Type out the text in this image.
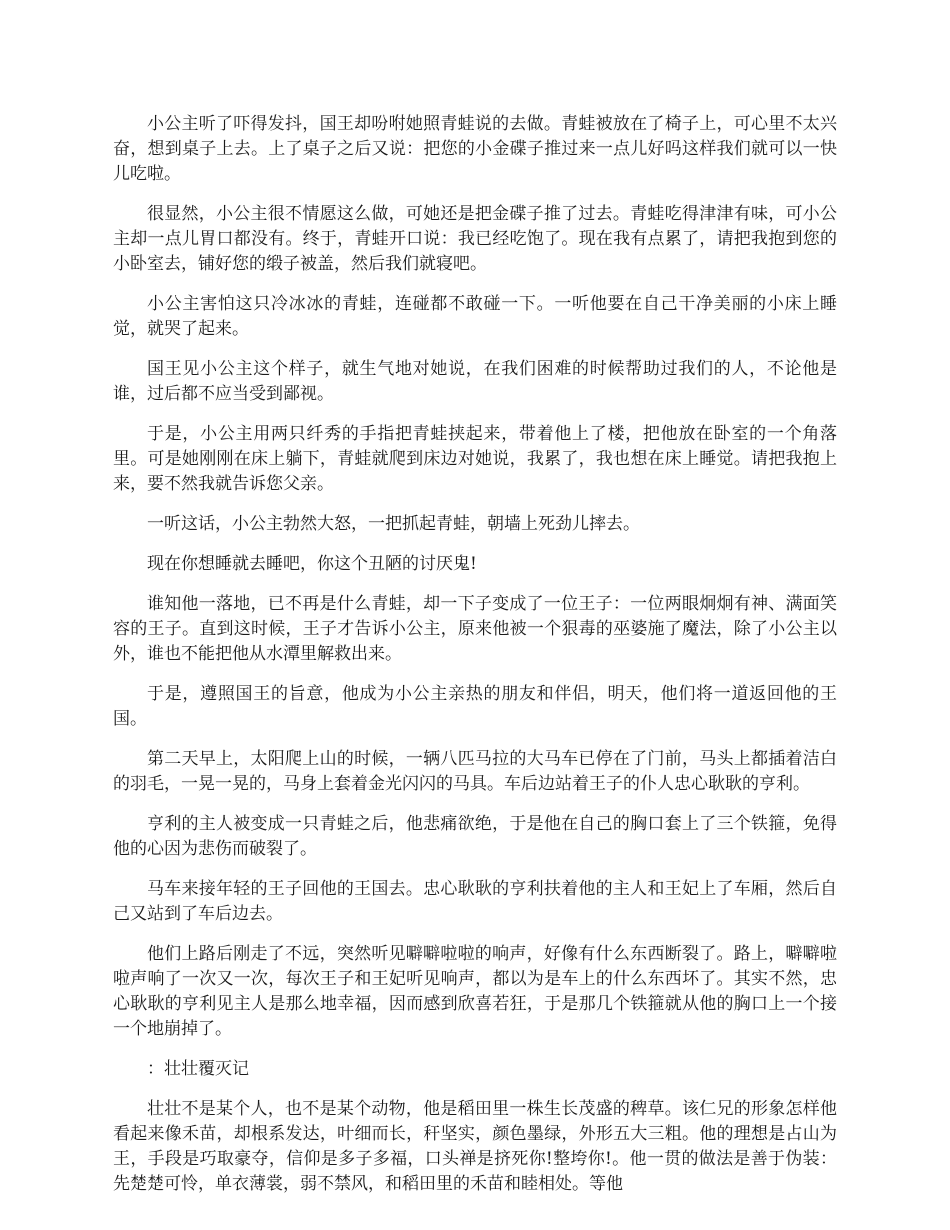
小公主听了吓得发抖，国王却吩咐她照青蛙说的去做。青蛙被放在了椅子上，可心里不太兴奋，想到桌子上去。上了桌子之后又说：把您的小金碟子推过来一点儿好吗这样我们就可以一快儿吃啦。

很显然，小公主很不情愿这么做，可她还是把金碟子推了过去。青蛙吃得津津有味，可小公主却一点儿胃口都没有。终于，青蛙开口说：我已经吃饱了。现在我有点累了，请把我抱到您的小卧室去，铺好您的缎子被盖，然后我们就寝吧。

小公主害怕这只冷冰冰的青蛙，连碰都不敢碰一下。一听他要在自己干净美丽的小床上睡觉，就哭了起来。

国王见小公主这个样子，就生气地对她说，在我们困难的时候帮助过我们的人，不论他是谁，过后都不应当受到鄙视。

于是，小公主用两只纤秀的手指把青蛙挟起来，带着他上了楼，把他放在卧室的一个角落里。可是她刚刚在床上躺下，青蛙就爬到床边对她说，我累了，我也想在床上睡觉。请把我抱上来，要不然我就告诉您父亲。

一听这话，小公主勃然大怒，一把抓起青蛙，朝墙上死劲儿摔去。

现在你想睡就去睡吧，你这个丑陋的讨厌鬼!

谁知他一落地，已不再是什么青蛙，却一下子变成了一位王子：一位两眼炯炯有神、满面笑容的王子。直到这时候，王子才告诉小公主，原来他被一个狠毒的巫婆施了魔法，除了小公主以外，谁也不能把他从水潭里解救出来。

于是，遵照国王的旨意，他成为小公主亲热的朋友和伴侣，明天，他们将一道返回他的王国。

第二天早上，太阳爬上山的时候，一辆八匹马拉的大马车已停在了门前，马头上都插着洁白的羽毛，一晃一晃的，马身上套着金光闪闪的马具。车后边站着王子的仆人忠心耿耿的亨利。

亨利的主人被变成一只青蛙之后，他悲痛欲绝，于是他在自己的胸口套上了三个铁箍，免得他的心因为悲伤而破裂了。

马车来接年轻的王子回他的王国去。忠心耿耿的亨利扶着他的主人和王妃上了车厢，然后自己又站到了车后边去。

他们上路后刚走了不远，突然听见噼噼啦啦的响声，好像有什么东西断裂了。路上，噼噼啦啦声响了一次又一次，每次王子和王妃听见响声，都以为是车上的什么东西坏了。其实不然，忠心耿耿的亨利见主人是那么地幸福，因而感到欣喜若狂，于是那几个铁箍就从他的胸口上一个接一个地崩掉了。

：壮壮覆灭记

壮壮不是某个人，也不是某个动物，他是稻田里一株生长茂盛的稗草。该仁兄的形象怎样他看起来像禾苗，却根系发达，叶细而长，秆坚实，颜色墨绿，外形五大三粗。他的理想是占山为王，手段是巧取豪夺，信仰是多子多福，口头禅是挤死你!整垮你!。他一贯的做法是善于伪装：先楚楚可怜，单衣薄裳，弱不禁风，和稻田里的禾苗和睦相处。等他
